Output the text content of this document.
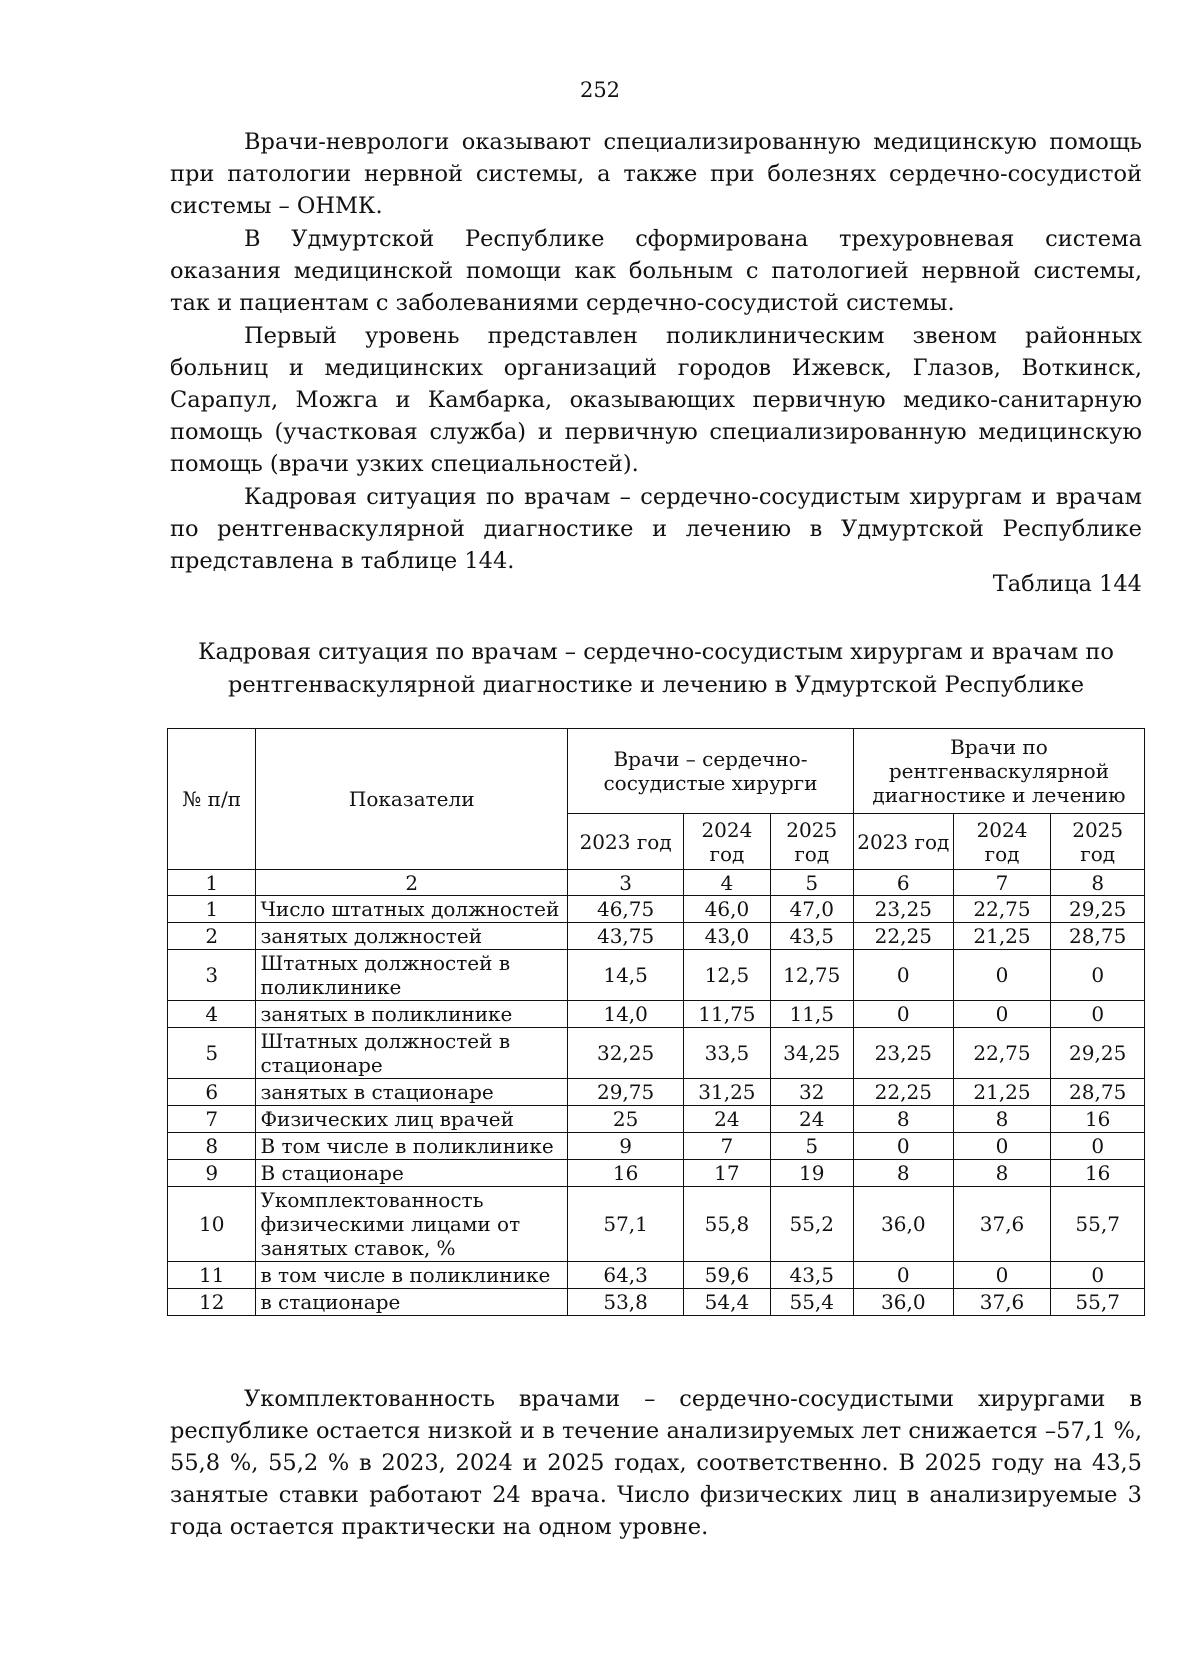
252

Врачи-неврологи оказывают специализированную медицинскую помощь при патологии нервной системы, а также при болезнях сердечно-сосудистой системы – ОНМК.

В Удмуртской Республике сформирована трехуровневая система оказания медицинской помощи как больным с патологией нервной системы, так и пациентам с заболеваниями сердечно-сосудистой системы.

Первый уровень представлен поликлиническим звеном районных больниц и медицинских организаций городов Ижевск, Глазов, Воткинск, Сарапул, Можга и Камбарка, оказывающих первичную медико-санитарную помощь (участковая служба) и первичную специализированную медицинскую помощь (врачи узких специальностей).

Кадровая ситуация по врачам – сердечно-сосудистым хирургам и врачам по рентгенваскулярной диагностике и лечению в Удмуртской Республике представлена в таблице 144.

Таблица 144
Кадровая ситуация по врачам – сердечно-сосудистым хирургам и врачам по рентгенваскулярной диагностике и лечению в Удмуртской Республике
№ п/п	Показатели	Врачи – сердечно-сосудистые хирурги			Врачи по рентгенваскулярной диагностике и лечению		
		2023 год	2024 год	2025 год	2023 год	2024 год	2025 год
1	2	3	4	5	6	7	8
1	Число штатных должностей	46,75	46,0	47,0	23,25	22,75	29,25
2	занятых должностей	43,75	43,0	43,5	22,25	21,25	28,75
3	Штатных должностей в поликлинике	14,5	12,5	12,75	0	0	0
4	занятых в поликлинике	14,0	11,75	11,5	0	0	0
5	Штатных должностей в стационаре	32,25	33,5	34,25	23,25	22,75	29,25
6	занятых в стационаре	29,75	31,25	32	22,25	21,25	28,75
7	Физических лиц врачей	25	24	24	8	8	16
8	В том числе в поликлинике	9	7	5	0	0	0
9	В стационаре	16	17	19	8	8	16
10	Укомплектованность физическими лицами от занятых ставок, %	57,1	55,8	55,2	36,0	37,6	55,7
11	в том числе в поликлинике	64,3	59,6	43,5	0	0	0
12	в стационаре	53,8	54,4	55,4	36,0	37,6	55,7

Укомплектованность врачами – сердечно-сосудистыми хирургами в республике остается низкой и в течение анализируемых лет снижается –57,1 %, 55,8 %, 55,2 % в 2023, 2024 и 2025 годах, соответственно. В 2025 году на 43,5 занятые ставки работают 24 врача. Число физических лиц в анализируемые 3 года остается практически на одном уровне.
